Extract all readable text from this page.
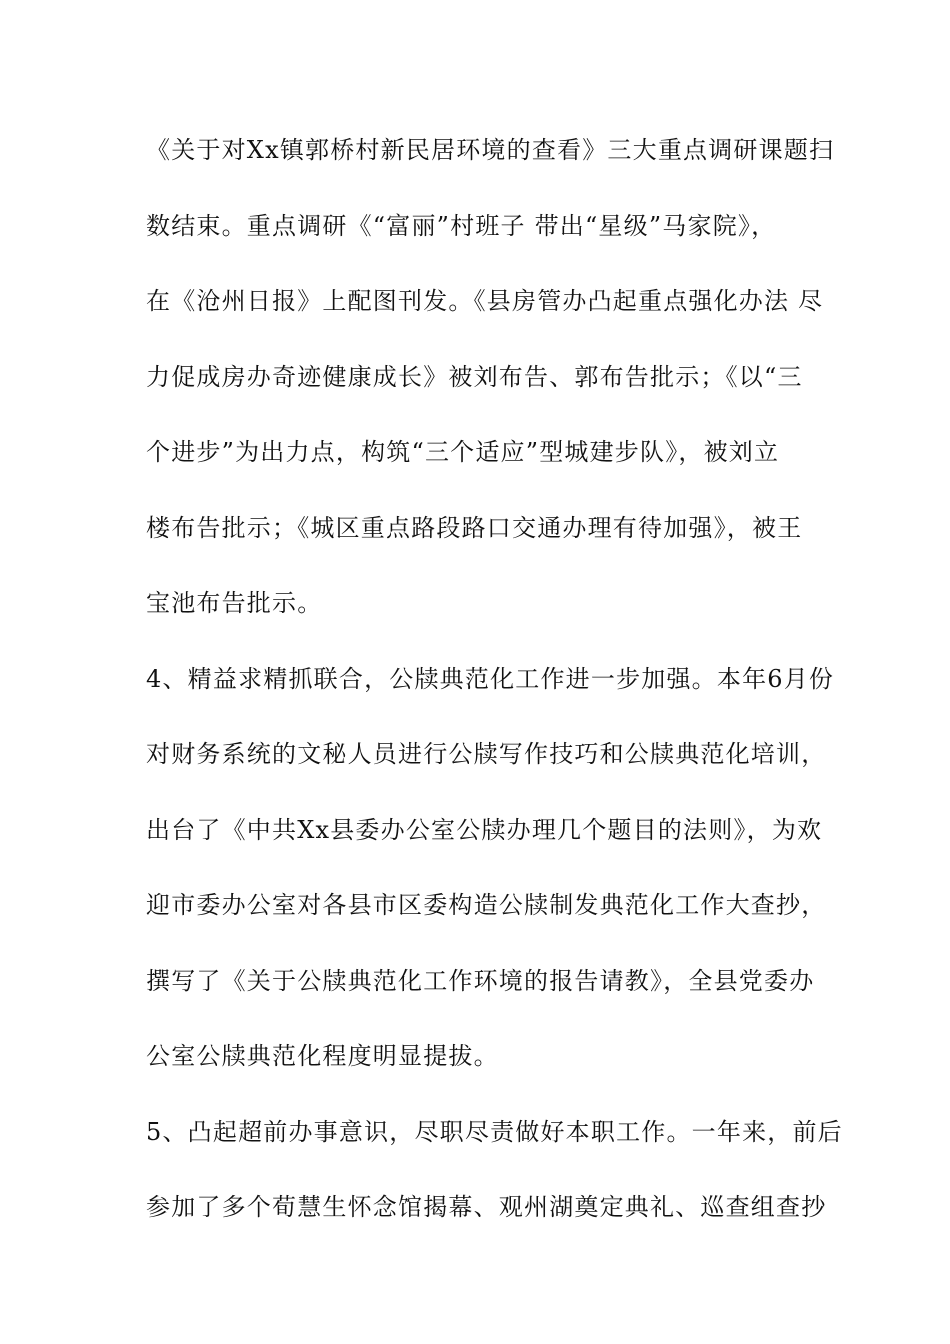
《关于对Xx镇郭桥村新民居环境的查看》三大重点调研课题扫
数结束。重点调研《“富丽”村班子 带出“星级”马家院》，
在《沧州日报》上配图刊发。《县房管办凸起重点强化办法 尽
力促成房办奇迹健康成长》被刘布告、郭布告批示；《以“三
个进步”为出力点，构筑“三个适应”型城建步队》，被刘立
楼布告批示；《城区重点路段路口交通办理有待加强》，被王
宝池布告批示。
4、精益求精抓联合，公牍典范化工作进一步加强。本年6月份
对财务系统的文秘人员进行公牍写作技巧和公牍典范化培训，
出台了《中共Xx县委办公室公牍办理几个题目的法则》，为欢
迎市委办公室对各县市区委构造公牍制发典范化工作大查抄，
撰写了《关于公牍典范化工作环境的报告请教》，全县党委办
公室公牍典范化程度明显提拔。
5、凸起超前办事意识，尽职尽责做好本职工作。一年来，前后
参加了多个荀慧生怀念馆揭幕、观州湖奠定典礼、巡查组查抄
